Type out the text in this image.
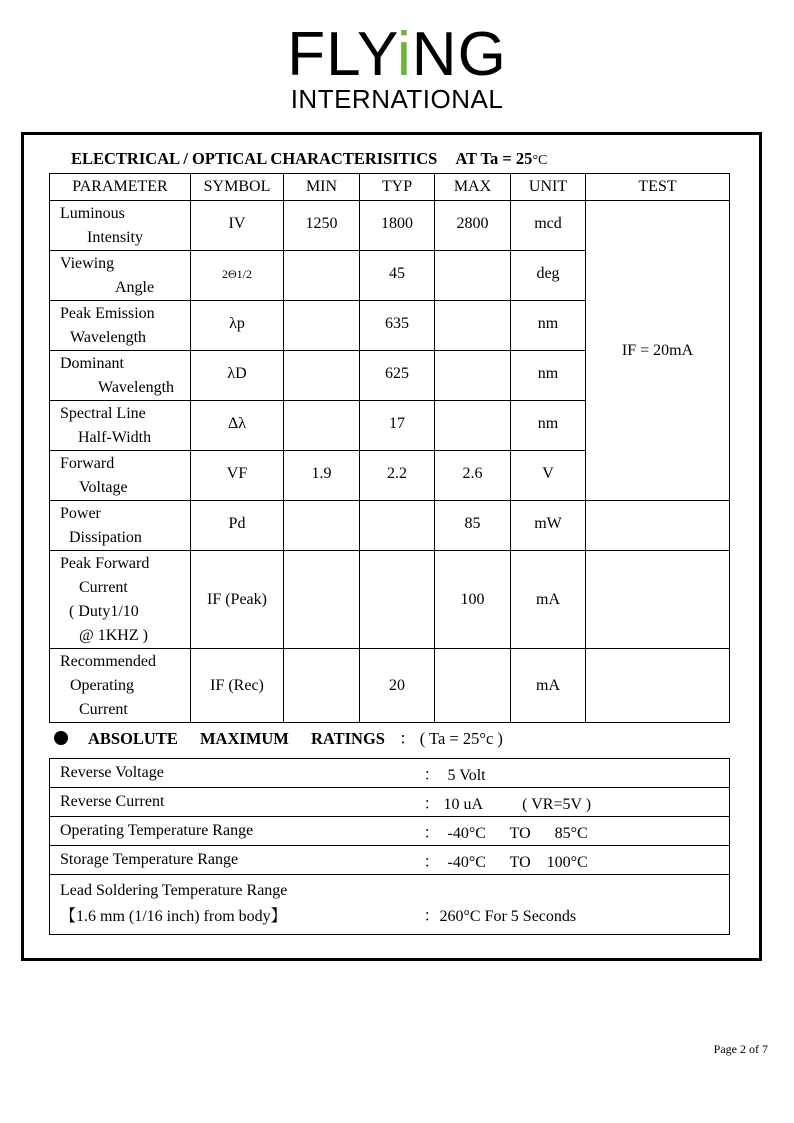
FLYiNG
INTERNATIONAL
ELECTRICAL / OPTICAL CHARACTERISITICS AT Ta = 25°C
PARAMETER	SYMBOL	MIN	TYP	MAX	UNIT	TEST

Luminous
Intensity	IV	1250	1800	2800	mcd	IF = 20mA

Viewing
Angle	2Θ1/2		45		deg	

Peak Emission
Wavelength	λp		635		nm	

Dominant
Wavelength	λD		625		nm	

Spectral Line
Half-Width	Δλ		17		nm	

Forward
Voltage	VF	1.9	2.2	2.6	V	

Power
Dissipation	Pd			85	mW	

Peak Forward
Current
( Duty1/10
@ 1KHZ )	IF (Peak)			100	mA	

Recommended
Operating
Current	IF (Rec)		20		mA	
ABSOLUTE MAXIMUM RATINGS ： ( Ta = 25°c )
Reverse Voltage	：  5 Volt

Reverse Current	： 10 uA          ( VR=5V )

Operating Temperature Range	：  -40°C      TO      85°C

Storage Temperature Range	：  -40°C      TO    100°C

Lead Soldering Temperature Range
【1.6 mm (1/16 inch) from body】	：260°C For 5 Seconds
Page 2 of 7
